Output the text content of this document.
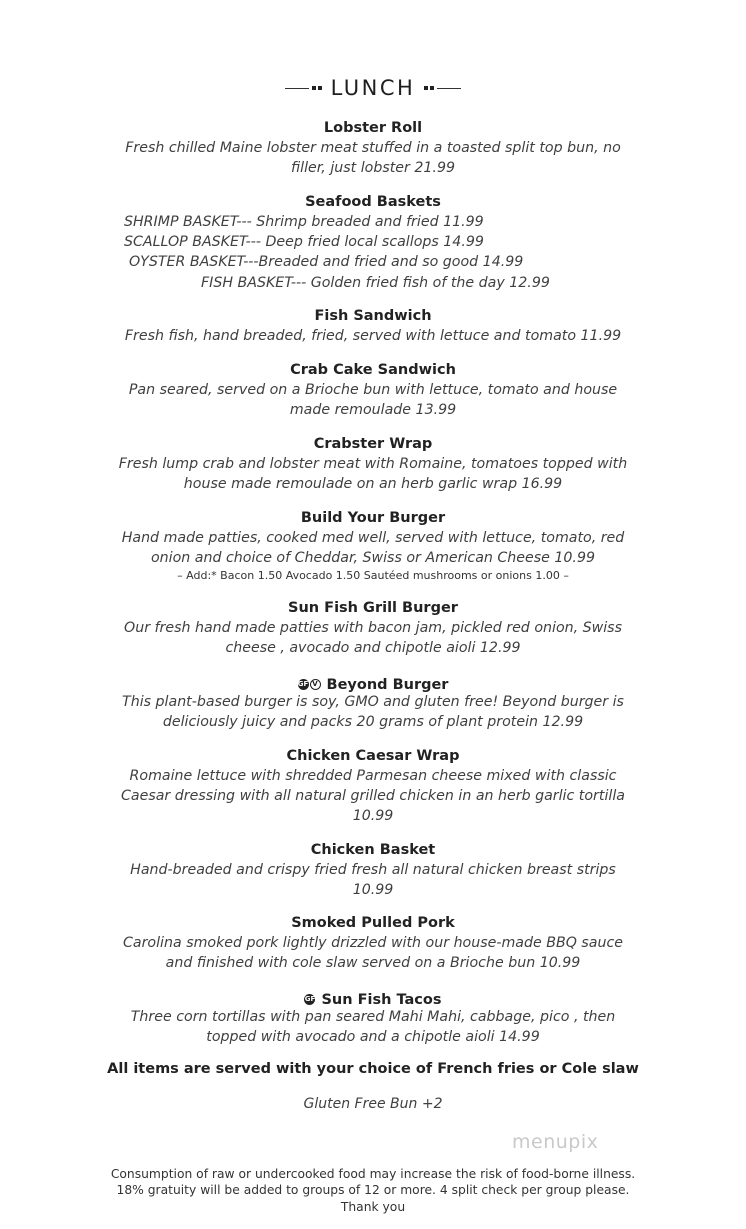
LUNCH
Lobster Roll
Fresh chilled Maine lobster meat stuffed in a toasted split top bun, no
filler, just lobster 21.99
Seafood Baskets
SHRIMP BASKET--- Shrimp breaded and fried 11.99
SCALLOP BASKET--- Deep fried local scallops 14.99
OYSTER BASKET---Breaded and fried and so good 14.99
FISH BASKET--- Golden fried fish of the day 12.99
Fish Sandwich
Fresh fish, hand breaded, fried, served with lettuce and tomato 11.99
Crab Cake Sandwich
Pan seared, served on a Brioche bun with lettuce, tomato and house
made remoulade 13.99
Crabster Wrap
Fresh lump crab and lobster meat with Romaine, tomatoes topped with
house made remoulade on an herb garlic wrap 16.99
Build Your Burger
Hand made patties, cooked med well, served with lettuce, tomato, red
onion and choice of Cheddar, Swiss or American Cheese 10.99
– Add:* Bacon 1.50 Avocado 1.50 Sautéed mushrooms or onions 1.00 –
Sun Fish Grill Burger
Our fresh hand made patties with bacon jam, pickled red onion, Swiss
cheese , avocado and chipotle aioli 12.99
GF V Beyond Burger
This plant-based burger is soy, GMO and gluten free! Beyond burger is
deliciously juicy and packs 20 grams of plant protein 12.99
Chicken Caesar Wrap
Romaine lettuce with shredded Parmesan cheese mixed with classic
Caesar dressing with all natural grilled chicken in an herb garlic tortilla
10.99
Chicken Basket
Hand-breaded and crispy fried fresh all natural chicken breast strips
10.99
Smoked Pulled Pork
Carolina smoked pork lightly drizzled with our house-made BBQ sauce
and finished with cole slaw served on a Brioche bun 10.99
GF Sun Fish Tacos
Three corn tortillas with pan seared Mahi Mahi, cabbage, pico , then
topped with avocado and a chipotle aioli 14.99
All items are served with your choice of French fries or Cole slaw
Gluten Free Bun +2
menupix
Consumption of raw or undercooked food may increase the risk of food-borne illness.
18% gratuity will be added to groups of 12 or more. 4 split check per group please.
Thank you
